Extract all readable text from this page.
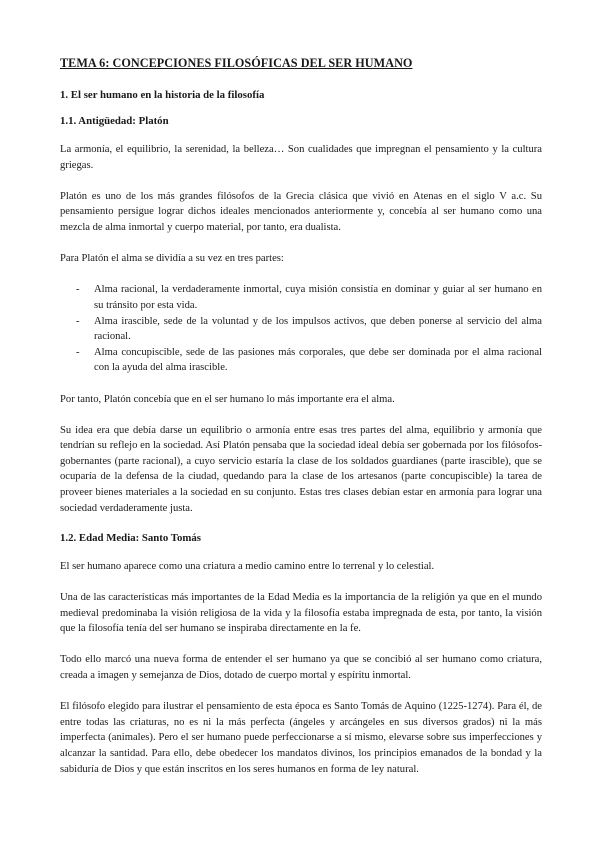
TEMA 6: CONCEPCIONES FILOSÓFICAS DEL SER HUMANO
1. El ser humano en la historia de la filosofía
1.1. Antigüedad: Platón

La armonía, el equilibrio, la serenidad, la belleza… Son cualidades que impregnan el pensamiento y la cultura griegas.

Platón es uno de los más grandes filósofos de la Grecia clásica que vivió en Atenas en el siglo V a.c. Su pensamiento persigue lograr dichos ideales mencionados anteriormente y, concebía al ser humano como una mezcla de alma inmortal y cuerpo material, por tanto, era dualista.

Para Platón el alma se dividía a su vez en tres partes:

- Alma racional, la verdaderamente inmortal, cuya misión consistía en dominar y guiar al ser humano en su tránsito por esta vida.
- Alma irascible, sede de la voluntad y de los impulsos activos, que deben ponerse al servicio del alma racional.
- Alma concupiscible, sede de las pasiones más corporales, que debe ser dominada por el alma racional con la ayuda del alma irascible.

Por tanto, Platón concebía que en el ser humano lo más importante era el alma.

Su idea era que debía darse un equilibrio o armonía entre esas tres partes del alma, equilibrio y armonía que tendrían su reflejo en la sociedad. Así Platón pensaba que la sociedad ideal debía ser gobernada por los filósofos-gobernantes (parte racional), a cuyo servicio estaría la clase de los soldados guardianes (parte irascible), que se ocuparía de la defensa de la ciudad, quedando para la clase de los artesanos (parte concupiscible) la tarea de proveer bienes materiales a la sociedad en su conjunto. Estas tres clases debían estar en armonía para lograr una sociedad verdaderamente justa.

1.2. Edad Media: Santo Tomás

El ser humano aparece como una criatura a medio camino entre lo terrenal y lo celestial.

Una de las características más importantes de la Edad Media es la importancia de la religión ya que en el mundo medieval predominaba la visión religiosa de la vida y la filosofía estaba impregnada de esta, por tanto, la visión que la filosofía tenía del ser humano se inspiraba directamente en la fe.

Todo ello marcó una nueva forma de entender el ser humano ya que se concibió al ser humano como criatura, creada a imagen y semejanza de Dios, dotado de cuerpo mortal y espíritu inmortal.

El filósofo elegido para ilustrar el pensamiento de esta época es Santo Tomás de Aquino (1225-1274). Para él, de entre todas las criaturas, no es ni la más perfecta (ángeles y arcángeles en sus diversos grados) ni la más imperfecta (animales). Pero el ser humano puede perfeccionarse a sí mismo, elevarse sobre sus imperfecciones y alcanzar la santidad. Para ello, debe obedecer los mandatos divinos, los principios emanados de la bondad y la sabiduría de Dios y que están inscritos en los seres humanos en forma de ley natural.
